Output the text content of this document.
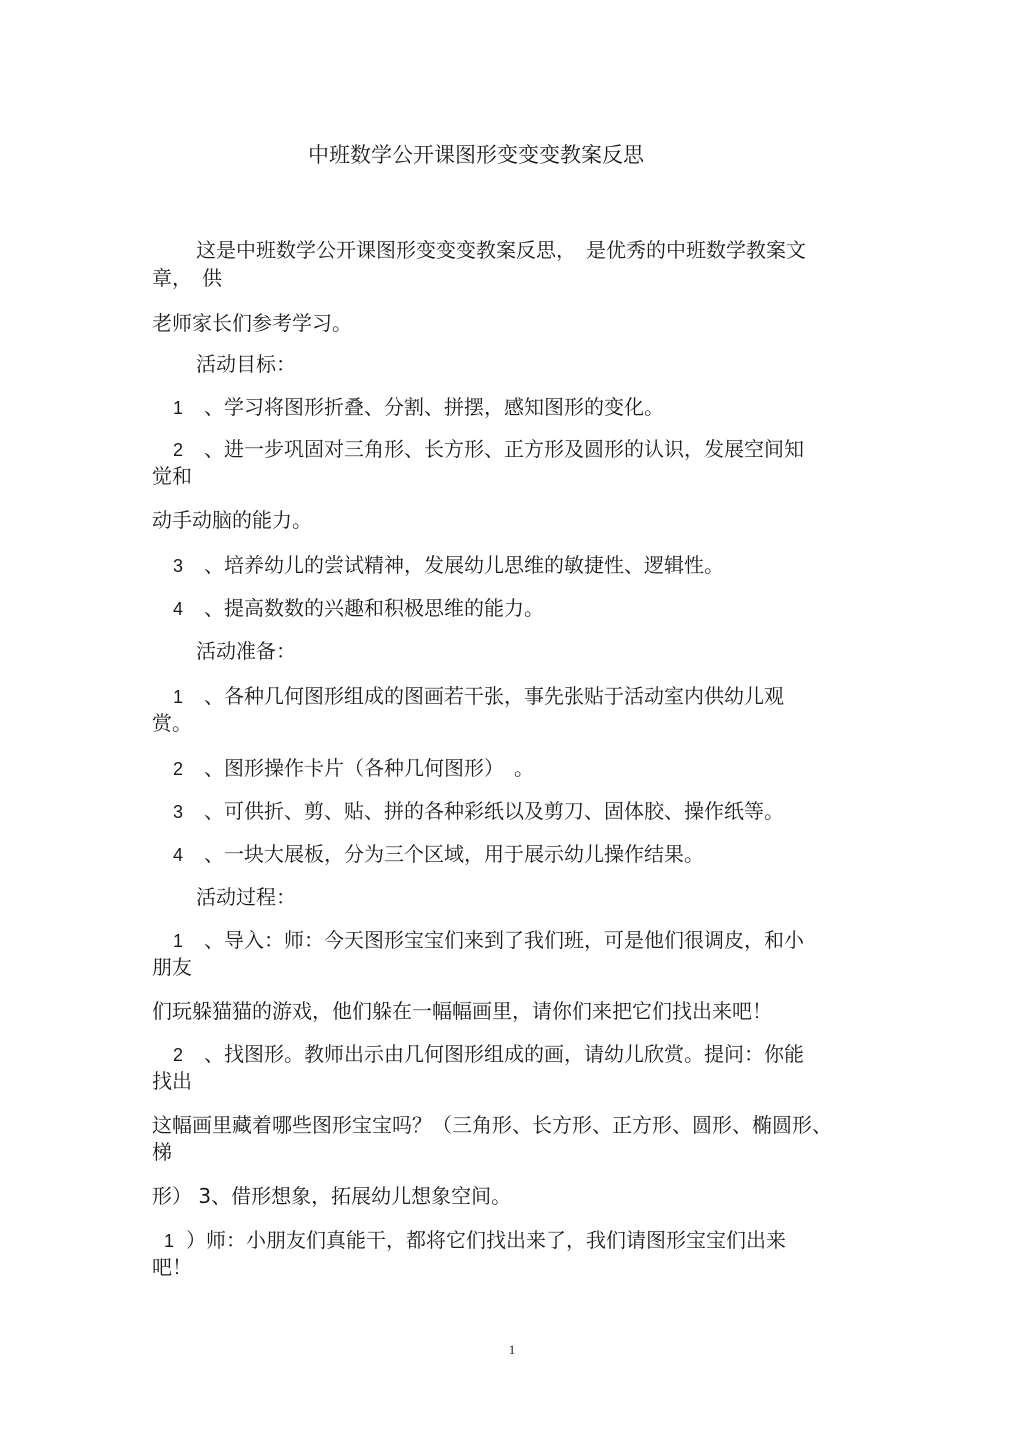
中班数学公开课图形变变变教案反思
这是中班数学公开课图形变变变教案反思，　是优秀的中班数学教案文
章，　供
老师家长们参考学习。
活动目标：
1 、学习将图形折叠、分割、拼摆，感知图形的变化。
2 、进一步巩固对三角形、长方形、正方形及圆形的认识，发展空间知
觉和
动手动脑的能力。
3 、培养幼儿的尝试精神，发展幼儿思维的敏捷性、逻辑性。
4 、提高数数的兴趣和积极思维的能力。
活动准备：
1 、各种几何图形组成的图画若干张，事先张贴于活动室内供幼儿观
赏。
2 、图形操作卡片（各种几何图形）　。
3 、可供折、剪、贴、拼的各种彩纸以及剪刀、固体胶、操作纸等。
4 、一块大展板，分为三个区域，用于展示幼儿操作结果。
活动过程：
1 、导入：师：今天图形宝宝们来到了我们班，可是他们很调皮，和小
朋友
们玩躲猫猫的游戏，他们躲在一幅幅画里，请你们来把它们找出来吧！
2 、找图形。教师出示由几何图形组成的画，请幼儿欣赏。提问：你能
找出
这幅画里藏着哪些图形宝宝吗？（三角形、长方形、正方形、圆形、椭圆形、
梯
形） 3、借形想象，拓展幼儿想象空间。
1 ）师：小朋友们真能干，都将它们找出来了，我们请图形宝宝们出来
吧！
1
